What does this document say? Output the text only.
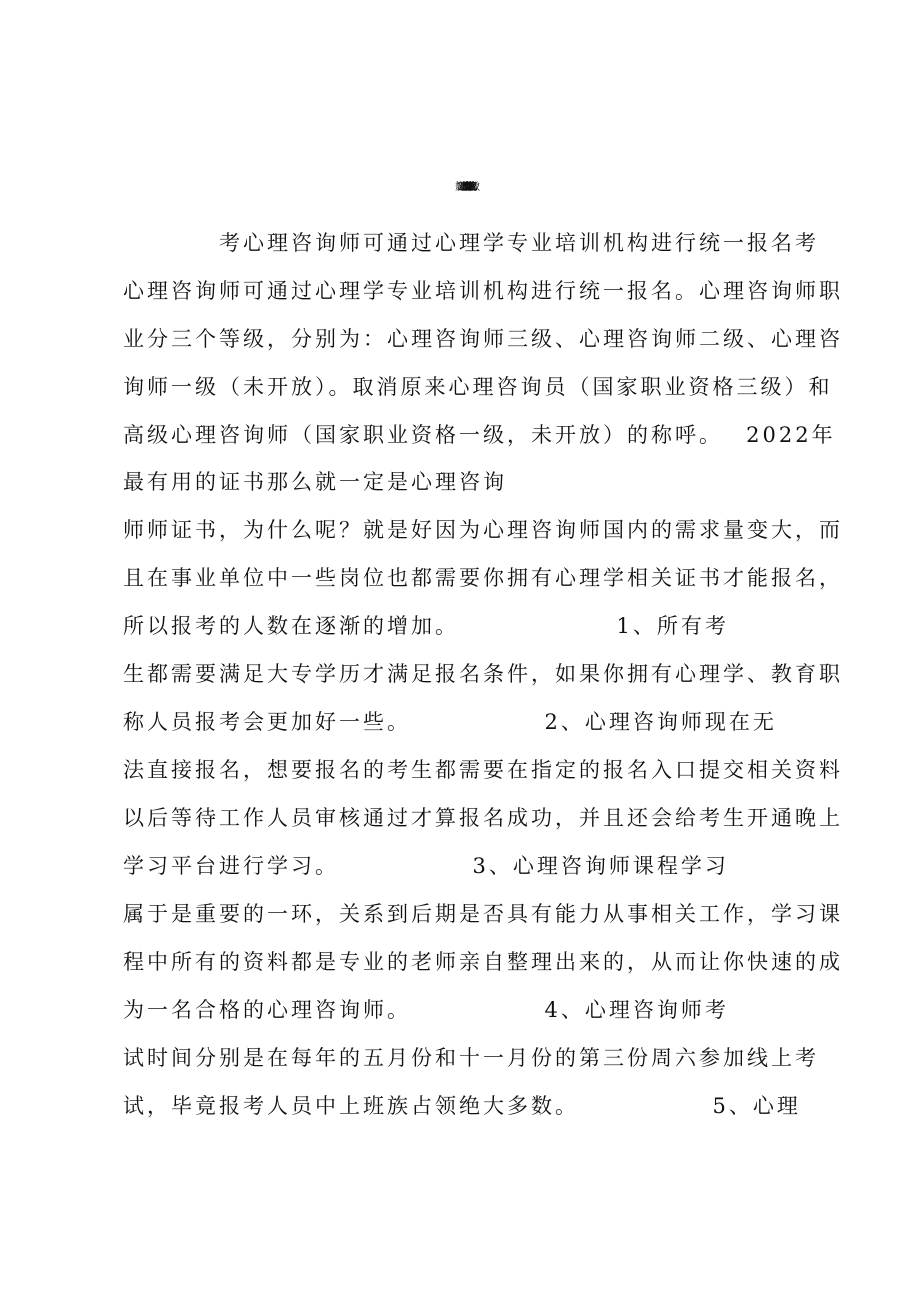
考心理咨询师可通过心理学专业培训机构进行统一报名考
心理咨询师可通过心理学专业培训机构进行统一报名。心理咨询师职
业分三个等级，分别为：心理咨询师三级、心理咨询师二级、心理咨
询师一级（未开放）。取消原来心理咨询员（国家职业资格三级）和
高级心理咨询师（国家职业资格一级，未开放）的称呼。　 2022年
最有用的证书那么就一定是心理咨询
师师证书，为什么呢？就是好因为心理咨询师国内的需求量变大，而
且在事业单位中一些岗位也都需要你拥有心理学相关证书才能报名，
所以报考的人数在逐渐的增加。　　　　　　　1、所有考
生都需要满足大专学历才满足报名条件，如果你拥有心理学、教育职
称人员报考会更加好一些。　　　　　　2、心理咨询师现在无
法直接报名，想要报名的考生都需要在指定的报名入口提交相关资料
以后等待工作人员审核通过才算报名成功，并且还会给考生开通晚上
学习平台进行学习。　　　　　　3、心理咨询师课程学习
属于是重要的一环，关系到后期是否具有能力从事相关工作，学习课
程中所有的资料都是专业的老师亲自整理出来的，从而让你快速的成
为一名合格的心理咨询师。　　　　　　4、心理咨询师考
试时间分别是在每年的五月份和十一月份的第三份周六参加线上考
试，毕竟报考人员中上班族占领绝大多数。　　　　　　5、心理
